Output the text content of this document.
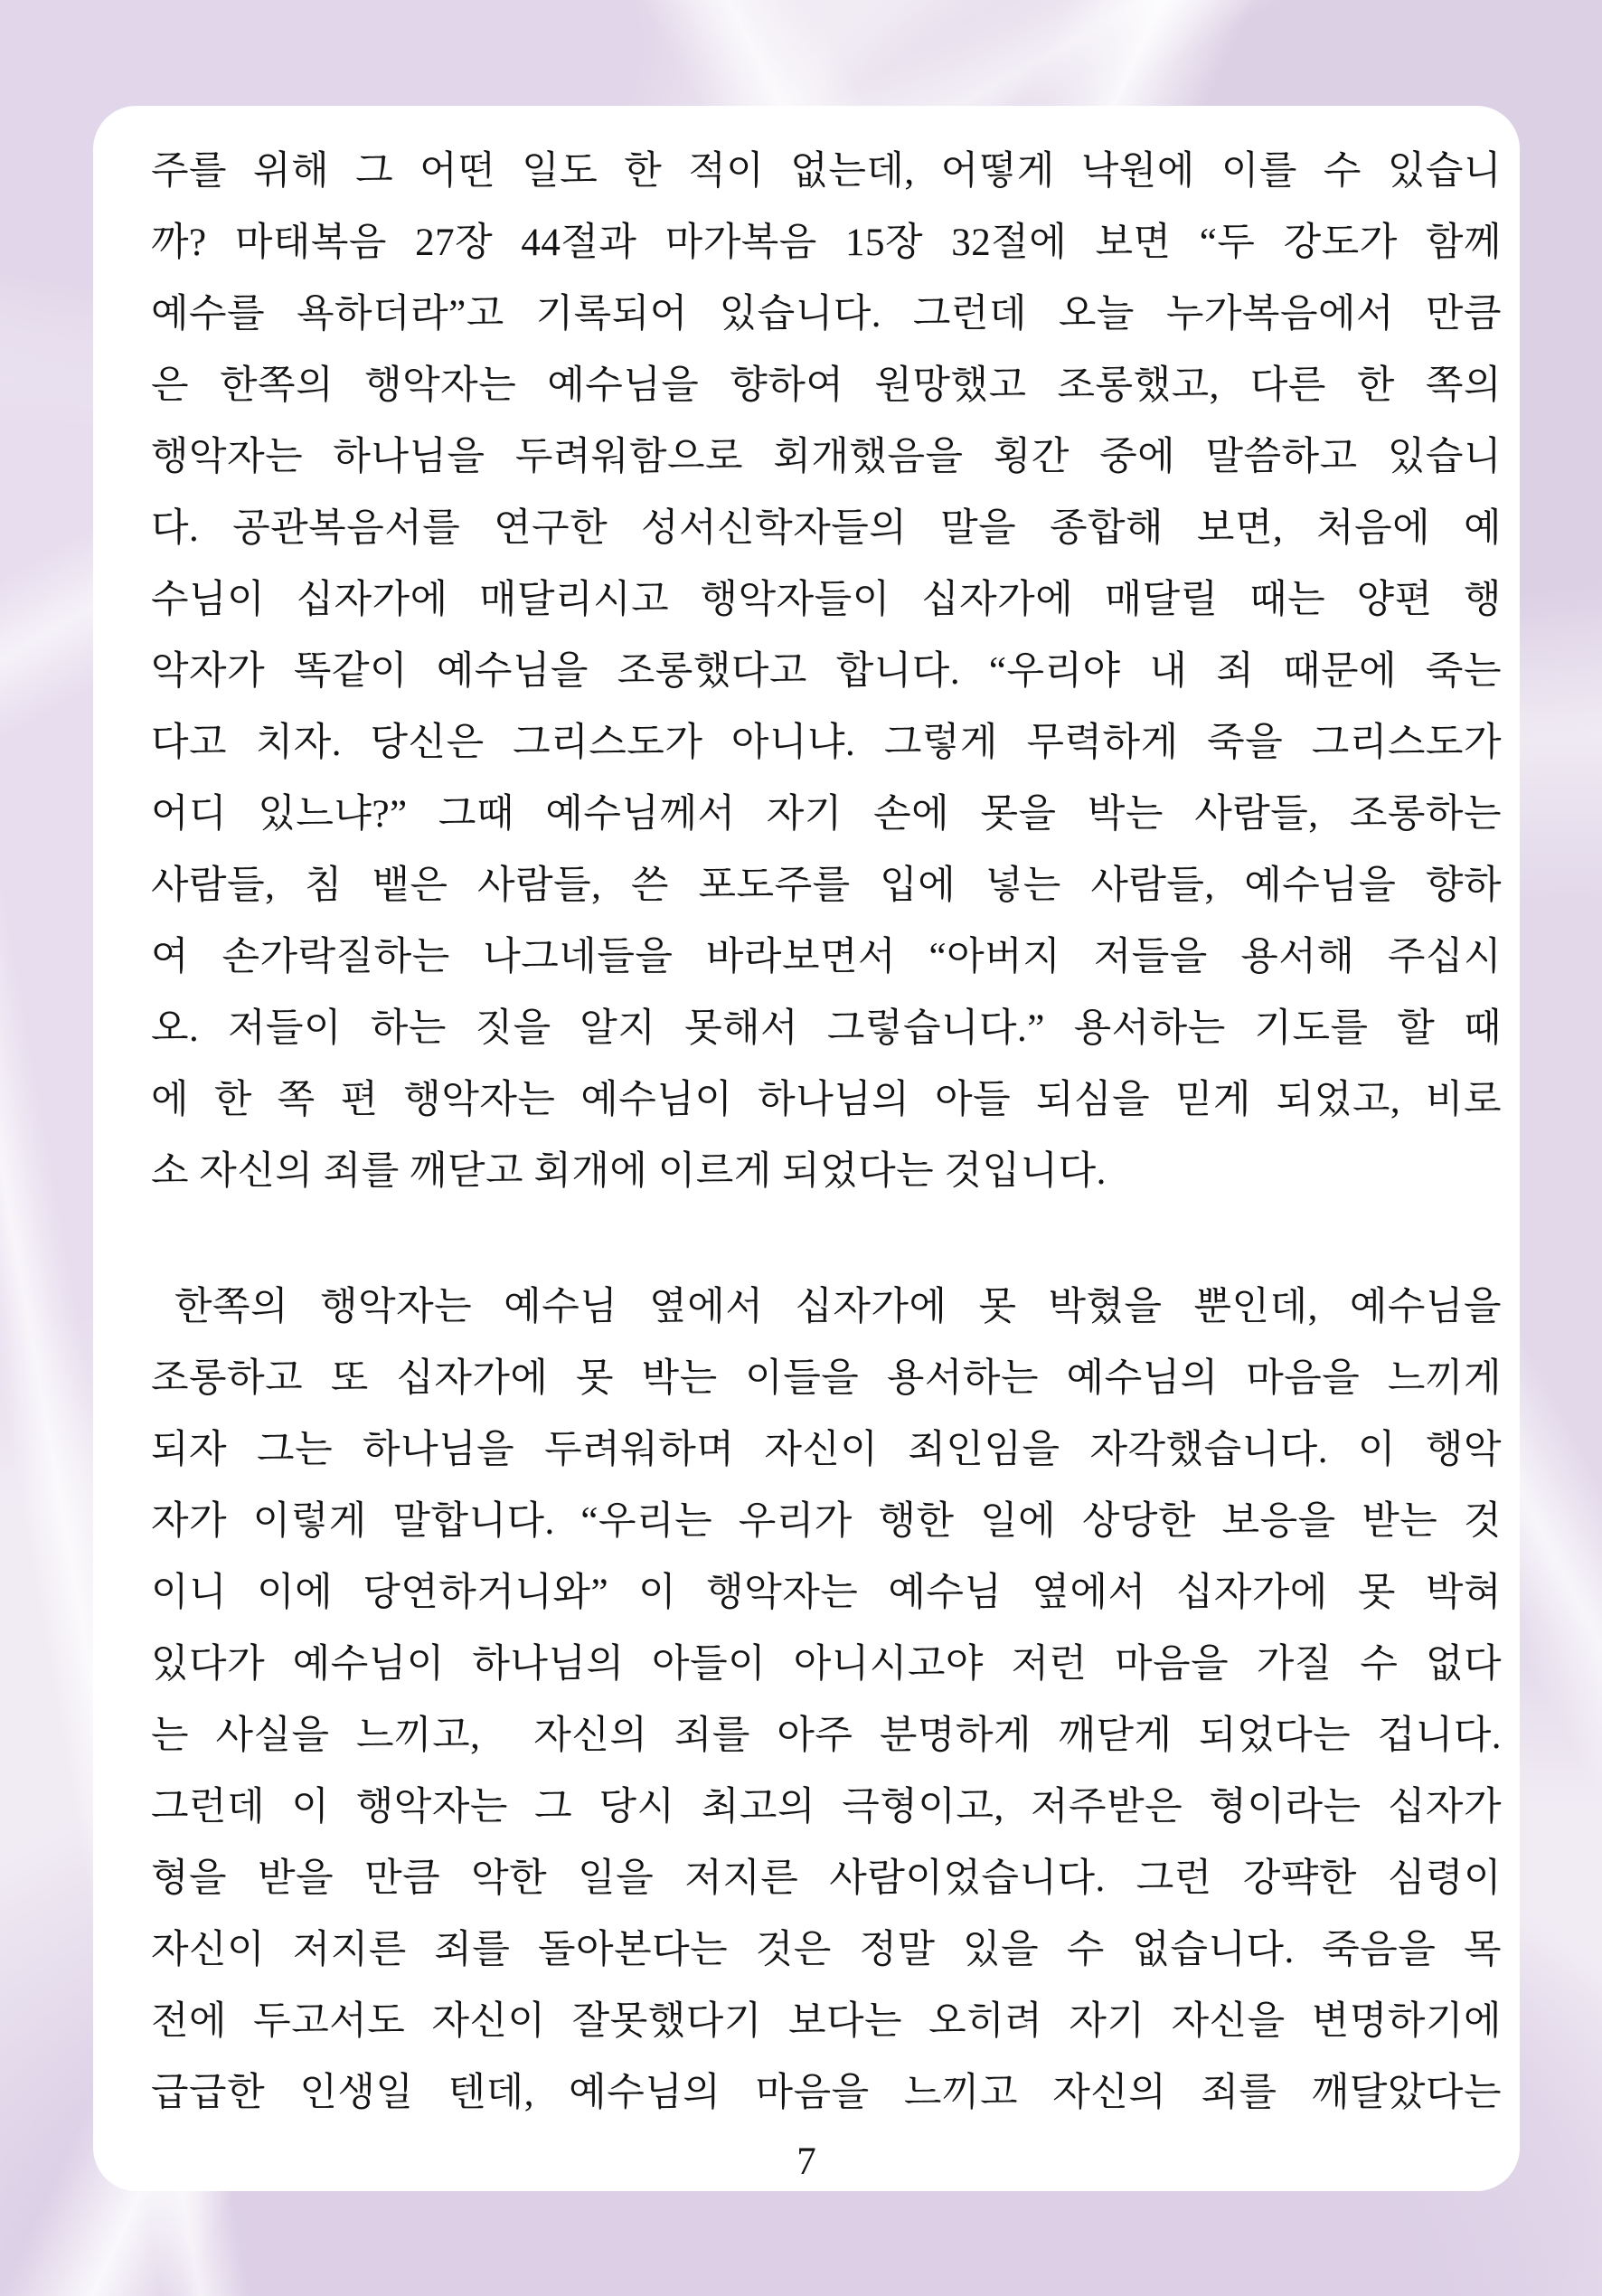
주를 위해 그 어떤 일도 한 적이 없는데, 어떻게 낙원에 이를 수 있습니
까? 마태복음 27장 44절과 마가복음 15장 32절에 보면 “두 강도가 함께
예수를 욕하더라”고 기록되어 있습니다. 그런데 오늘 누가복음에서 만큼
은 한쪽의 행악자는 예수님을 향하여 원망했고 조롱했고, 다른 한 쪽의
행악자는 하나님을 두려워함으로 회개했음을 횡간 중에 말씀하고 있습니
다. 공관복음서를 연구한 성서신학자들의 말을 종합해 보면, 처음에 예
수님이 십자가에 매달리시고 행악자들이 십자가에 매달릴 때는 양편 행
악자가 똑같이 예수님을 조롱했다고 합니다. “우리야 내 죄 때문에 죽는
다고 치자. 당신은 그리스도가 아니냐. 그렇게 무력하게 죽을 그리스도가
어디 있느냐?” 그때 예수님께서 자기 손에 못을 박는 사람들, 조롱하는
사람들, 침 뱉은 사람들, 쓴 포도주를 입에 넣는 사람들, 예수님을 향하
여 손가락질하는 나그네들을 바라보면서 “아버지 저들을 용서해 주십시
오. 저들이 하는 짓을 알지 못해서 그렇습니다.” 용서하는 기도를 할 때
에 한 쪽 편 행악자는 예수님이 하나님의 아들 되심을 믿게 되었고, 비로
소 자신의 죄를 깨닫고 회개에 이르게 되었다는 것입니다.
한쪽의 행악자는 예수님 옆에서 십자가에 못 박혔을 뿐인데, 예수님을
조롱하고 또 십자가에 못 박는 이들을 용서하는 예수님의 마음을 느끼게
되자 그는 하나님을 두려워하며 자신이 죄인임을 자각했습니다. 이 행악
자가 이렇게 말합니다. “우리는 우리가 행한 일에 상당한 보응을 받는 것
이니 이에 당연하거니와” 이 행악자는 예수님 옆에서 십자가에 못 박혀
있다가 예수님이 하나님의 아들이 아니시고야 저런 마음을 가질 수 없다
는 사실을 느끼고,  자신의 죄를 아주 분명하게 깨닫게 되었다는 겁니다.
그런데 이 행악자는 그 당시 최고의 극형이고, 저주받은 형이라는 십자가
형을 받을 만큼 악한 일을 저지른 사람이었습니다. 그런 강퍅한 심령이
자신이 저지른 죄를 돌아본다는 것은 정말 있을 수 없습니다. 죽음을 목
전에 두고서도 자신이 잘못했다기 보다는 오히려 자기 자신을 변명하기에
급급한 인생일 텐데, 예수님의 마음을 느끼고 자신의 죄를 깨달았다는
7
